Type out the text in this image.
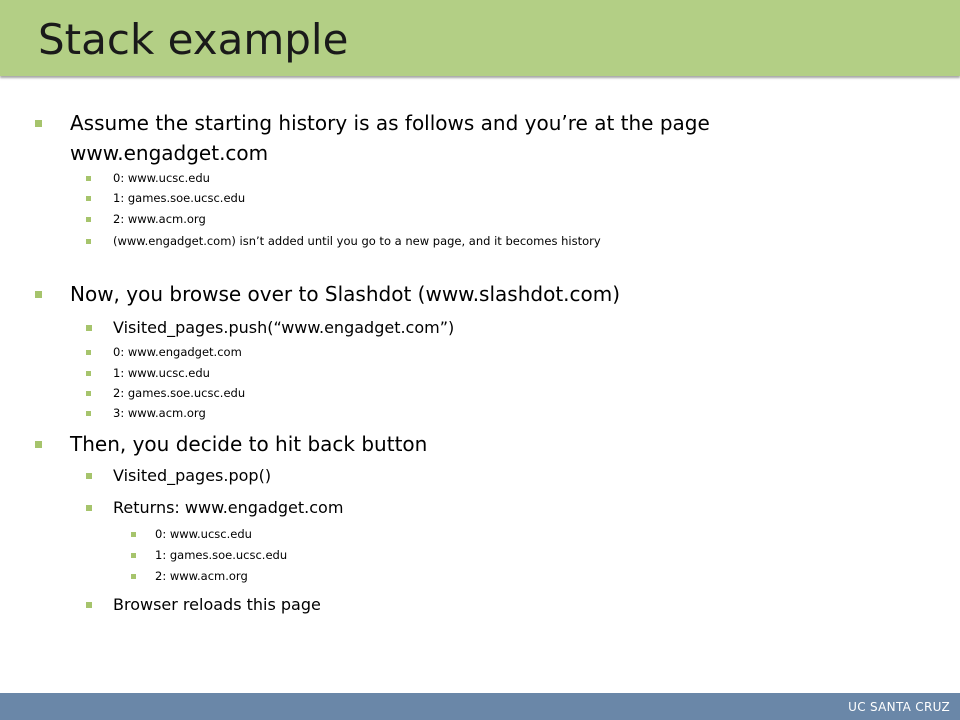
Stack example
Assume the starting history is as follows and you’re at the page
www.engadget.com
0: www.ucsc.edu
1: games.soe.ucsc.edu
2: www.acm.org
(www.engadget.com) isn’t added until you go to a new page, and it becomes history
Now, you browse over to Slashdot (www.slashdot.com)
Visited_pages.push(“www.engadget.com”)
0: www.engadget.com
1: www.ucsc.edu
2: games.soe.ucsc.edu
3: www.acm.org
Then, you decide to hit back button
Visited_pages.pop()
Returns: www.engadget.com
0: www.ucsc.edu
1: games.soe.ucsc.edu
2: www.acm.org
Browser reloads this page
UC SANTA CRUZ
